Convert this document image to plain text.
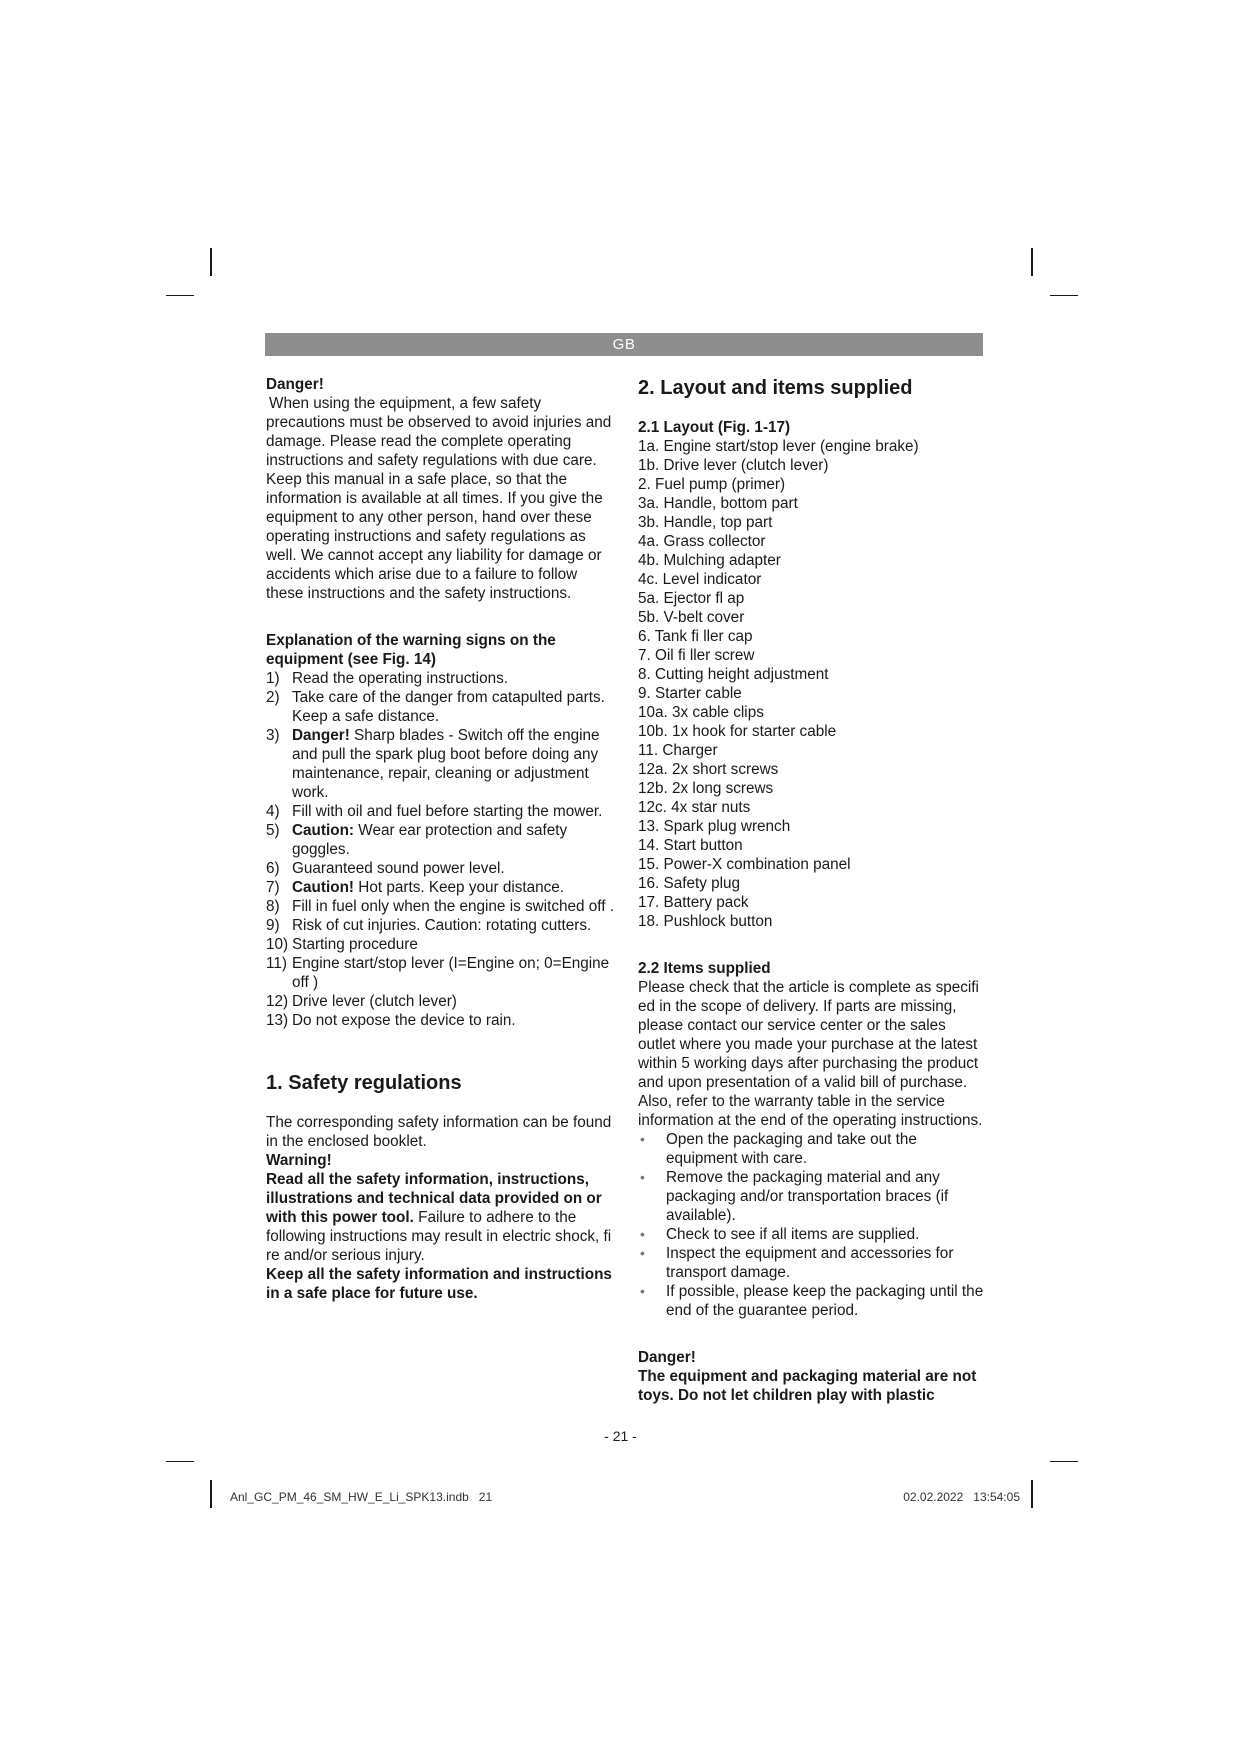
GB

Danger!

When using the equipment, a few safety precautions must be observed to avoid injuries and damage. Please read the complete operating instructions and safety regulations with due care. Keep this manual in a safe place, so that the information is available at all times. If you give the equipment to any other person, hand over these operating instructions and safety regulations as well. We cannot accept any liability for damage or accidents which arise due to a failure to follow these instructions and the safety instructions.

Explanation of the warning signs on the equipment (see Fig. 14)

1) Read the operating instructions.
2) Take care of the danger from catapulted parts. Keep a safe distance.
3) Danger! Sharp blades - Switch off the engine and pull the spark plug boot before doing any maintenance, repair, cleaning or adjustment work.
4) Fill with oil and fuel before starting the mower.
5) Caution: Wear ear protection and safety goggles.
6) Guaranteed sound power level.
7) Caution! Hot parts. Keep your distance.
8) Fill in fuel only when the engine is switched off .
9) Risk of cut injuries. Caution: rotating cutters.
10) Starting procedure
11) Engine start/stop lever (I=Engine on; 0=Engine off )
12) Drive lever (clutch lever)
13) Do not expose the device to rain.

1. Safety regulations

The corresponding safety information can be found in the enclosed booklet.

Warning!

Read all the safety information, instructions, illustrations and technical data provided on or with this power tool. Failure to adhere to the following instructions may result in electric shock, fi re and/or serious injury.

Keep all the safety information and instructions in a safe place for future use.

2. Layout and items supplied

2.1 Layout (Fig. 1-17)

1a. Engine start/stop lever (engine brake)
1b. Drive lever (clutch lever)
2. Fuel pump (primer)
3a. Handle, bottom part
3b. Handle, top part
4a. Grass collector
4b. Mulching adapter
4c. Level indicator
5a. Ejector fl ap
5b. V-belt cover
6. Tank fi ller cap
7. Oil fi ller screw
8. Cutting height adjustment
9. Starter cable
10a. 3x cable clips
10b. 1x hook for starter cable
11. Charger
12a. 2x short screws
12b. 2x long screws
12c. 4x star nuts
13. Spark plug wrench
14. Start button
15. Power-X combination panel
16. Safety plug
17. Battery pack
18. Pushlock button

2.2 Items supplied

Please check that the article is complete as specifi ed in the scope of delivery. If parts are missing, please contact our service center or the sales outlet where you made your purchase at the latest within 5 working days after purchasing the product and upon presentation of a valid bill of purchase. Also, refer to the warranty table in the service information at the end of the operating instructions.

• Open the packaging and take out the equipment with care.
• Remove the packaging material and any packaging and/or transportation braces (if available).
• Check to see if all items are supplied.
• Inspect the equipment and accessories for transport damage.
• If possible, please keep the packaging until the end of the guarantee period.

Danger!

The equipment and packaging material are not toys. Do not let children play with plastic

- 21 -
Anl_GC_PM_46_SM_HW_E_Li_SPK13.indb   21	02.02.2022   13:54:05
